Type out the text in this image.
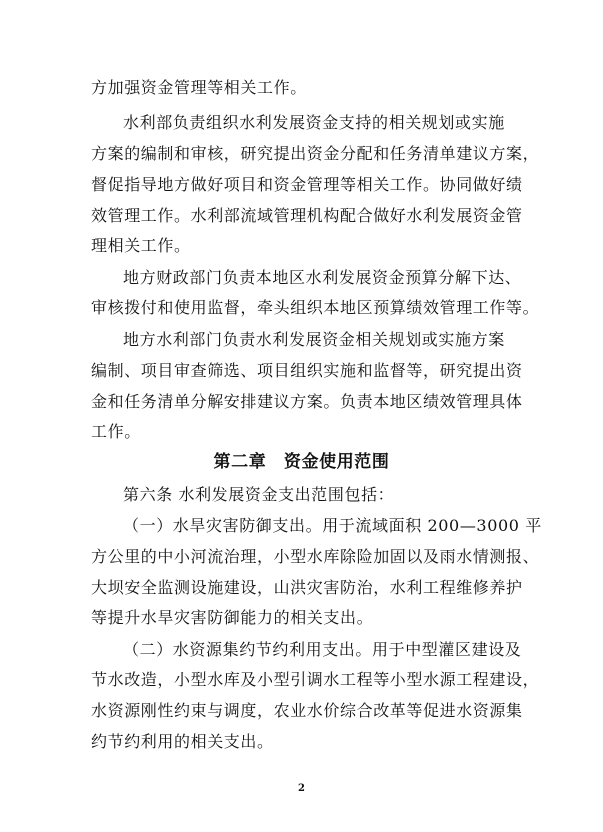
方加强资金管理等相关工作。
水利部负责组织水利发展资金支持的相关规划或实施
方案的编制和审核，研究提出资金分配和任务清单建议方案，
督促指导地方做好项目和资金管理等相关工作。协同做好绩
效管理工作。水利部流域管理机构配合做好水利发展资金管
理相关工作。
地方财政部门负责本地区水利发展资金预算分解下达、
审核拨付和使用监督，牵头组织本地区预算绩效管理工作等。
地方水利部门负责水利发展资金相关规划或实施方案
编制、项目审查筛选、项目组织实施和监督等，研究提出资
金和任务清单分解安排建议方案。负责本地区绩效管理具体
工作。
第二章　资金使用范围
第六条 水利发展资金支出范围包括：
（一）水旱灾害防御支出。用于流域面积 200—3000 平
方公里的中小河流治理，小型水库除险加固以及雨水情测报、
大坝安全监测设施建设，山洪灾害防治，水利工程维修养护
等提升水旱灾害防御能力的相关支出。
（二）水资源集约节约利用支出。用于中型灌区建设及
节水改造，小型水库及小型引调水工程等小型水源工程建设，
水资源刚性约束与调度，农业水价综合改革等促进水资源集
约节约利用的相关支出。
2
